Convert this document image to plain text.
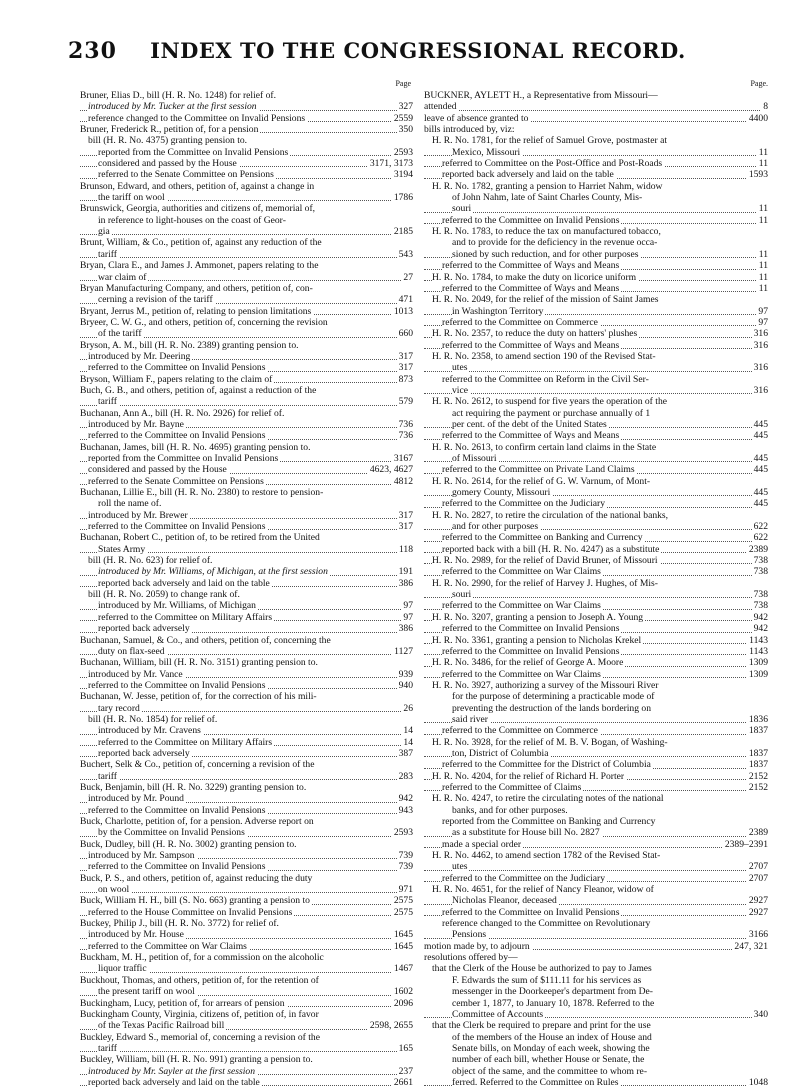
INDEX TO THE CONGRESSIONAL RECORD.
230
Page
Bruner, Elias D., bill (H. R. No. 1248) for relief of.
introduced by Mr. Tucker at the first session	327
reference changed to the Committee on Invalid Pensions	2559
Bruner, Frederick R., petition of, for a pension	350
bill (H. R. No. 4375) granting pension to.
reported from the Committee on Invalid Pensions	2593
considered and passed by the House	3171, 3173
referred to the Senate Committee on Pensions	3194
Brunson, Edward, and others, petition of, against a change in
the tariff on wool	1786
Brunswick, Georgia, authorities and citizens of, memorial of,
in reference to light-houses on the coast of Geor-
gia	2185
Brunt, William, & Co., petition of, against any reduction of the
tariff	543
Bryan, Clara E., and James J. Ammonet, papers relating to the
war claim of	27
Bryan Manufacturing Company, and others, petition of, con-
cerning a revision of the tariff	471
Bryant, Jerrus M., petition of, relating to pension limitations	1013
Bryeer, C. W. G., and others, petition of, concerning the revision
of the tariff	660
Bryson, A. M., bill (H. R. No. 2389) granting pension to.
introduced by Mr. Deering	317
referred to the Committee on Invalid Pensions	317
Bryson, William F., papers relating to the claim of	873
Buch, G. B., and others, petition of, against a reduction of the
tariff	579
Buchanan, Ann A., bill (H. R. No. 2926) for relief of.
introduced by Mr. Bayne	736
referred to the Committee on Invalid Pensions	736
Buchanan, James, bill (H. R. No. 4695) granting pension to.
reported from the Committee on Invalid Pensions	3167
considered and passed by the House	4623, 4627
referred to the Senate Committee on Pensions	4812
Buchanan, Lillie E., bill (H. R. No. 2380) to restore to pension-
roll the name of.
introduced by Mr. Brewer	317
referred to the Committee on Invalid Pensions	317
Buchanan, Robert C., petition of, to be retired from the United
States Army	118
bill (H. R. No. 623) for relief of.
introduced by Mr. Williams, of Michigan, at the first session	191
reported back adversely and laid on the table	386
bill (H. R. No. 2059) to change rank of.
introduced by Mr. Williams, of Michigan	97
referred to the Committee on Military Affairs	97
reported back adversely	386
Buchanan, Samuel, & Co., and others, petition of, concerning the
duty on flax-seed	1127
Buchanan, William, bill (H. R. No. 3151) granting pension to.
introduced by Mr. Vance	939
referred to the Committee on Invalid Pensions	940
Buchanan, W. Jesse, petition of, for the correction of his mili-
tary record	26
bill (H. R. No. 1854) for relief of.
introduced by Mr. Cravens	14
referred to the Committee on Military Affairs	14
reported back adversely	387
Buchert, Selk & Co., petition of, concerning a revision of the
tariff	283
Buck, Benjamin, bill (H. R. No. 3229) granting pension to.
introduced by Mr. Pound	942
referred to the Committee on Invalid Pensions	943
Buck, Charlotte, petition of, for a pension. Adverse report on
by the Committee on Invalid Pensions	2593
Buck, Dudley, bill (H. R. No. 3002) granting pension to.
introduced by Mr. Sampson	739
referred to the Committee on Invalid Pensions	739
Buck, P. S., and others, petition of, against reducing the duty
on wool	971
Buck, William H. H., bill (S. No. 663) granting a pension to	2575
referred to the House Committee on Invalid Pensions	2575
Buckey, Philip J., bill (H. R. No. 3772) for relief of.
introduced by Mr. House	1645
referred to the Committee on War Claims	1645
Buckham, M. H., petition of, for a commission on the alcoholic
liquor traffic	1467
Buckhout, Thomas, and others, petition of, for the retention of
the present tariff on wool	1602
Buckingham, Lucy, petition of, for arrears of pension	2096
Buckingham County, Virginia, citizens of, petition of, in favor
of the Texas Pacific Railroad bill	2598, 2655
Buckley, Edward S., memorial of, concerning a revision of the
tariff	165
Buckley, William, bill (H. R. No. 991) granting a pension to.
introduced by Mr. Sayler at the first session	237
reported back adversely and laid on the table	2661
Page.
BUCKNER, AYLETT H., a Representative from Missouri—
attended	8
leave of absence granted to	4400
bills introduced by, viz:
H. R. No. 1781, for the relief of Samuel Grove, postmaster at
Mexico, Missouri	11
referred to Committee on the Post-Office and Post-Roads	11
reported back adversely and laid on the table	1593
H. R. No. 1782, granting a pension to Harriet Nahm, widow
of John Nahm, late of Saint Charles County, Mis-
souri	11
referred to the Committee on Invalid Pensions	11
H. R. No. 1783, to reduce the tax on manufactured tobacco,
and to provide for the deficiency in the revenue occa-
sioned by such reduction, and for other purposes	11
referred to the Committee of Ways and Means	11
H. R. No. 1784, to make the duty on licorice uniform	11
referred to the Committee of Ways and Means	11
H. R. No. 2049, for the relief of the mission of Saint James
in Washington Territory	97
referred to the Committee on Commerce	97
H. R. No. 2357, to reduce the duty on hatters' plushes	316
referred to the Committee of Ways and Means	316
H. R. No. 2358, to amend section 190 of the Revised Stat-
utes	316
referred to the Committee on Reform in the Civil Ser-
vice	316
H. R. No. 2612, to suspend for five years the operation of the
act requiring the payment or purchase annually of 1
per cent. of the debt of the United States	445
referred to the Committee of Ways and Means	445
H. R. No. 2613, to confirm certain land claims in the State
of Missouri	445
referred to the Committee on Private Land Claims	445
H. R. No. 2614, for the relief of G. W. Varnum, of Mont-
gomery County, Missouri	445
referred to the Committee on the Judiciary	445
H. R. No. 2827, to retire the circulation of the national banks,
and for other purposes	622
referred to the Committee on Banking and Currency	622
reported back with a bill (H. R. No. 4247) as a substitute	2389
H. R. No. 2989, for the relief of David Bruner, of Missouri	738
referred to the Committee on War Claims	738
H. R. No. 2990, for the relief of Harvey J. Hughes, of Mis-
souri	738
referred to the Committee on War Claims	738
H. R. No. 3207, granting a pension to Joseph A. Young	942
referred to the Committee on Invalid Pensions	942
H. R. No. 3361, granting a pension to Nicholas Krekel	1143
referred to the Committee on Invalid Pensions	1143
H. R. No. 3486, for the relief of George A. Moore	1309
referred to the Committee on War Claims	1309
H. R. No. 3927, authorizing a survey of the Missouri River
for the purpose of determining a practicable mode of
preventing the destruction of the lands bordering on
said river	1836
referred to the Committee on Commerce	1837
H. R. No. 3928, for the relief of M. B. V. Bogan, of Washing-
ton, District of Columbia	1837
referred to the Committee for the District of Columbia	1837
H. R. No. 4204, for the relief of Richard H. Porter	2152
referred to the Committee of Claims	2152
H. R. No. 4247, to retire the circulating notes of the national
banks, and for other purposes.
reported from the Committee on Banking and Currency
as a substitute for House bill No. 2827	2389
made a special order	2389–2391
H. R. No. 4462, to amend section 1782 of the Revised Stat-
utes	2707
referred to the Committee on the Judiciary	2707
H. R. No. 4651, for the relief of Nancy Fleanor, widow of
Nicholas Fleanor, deceased	2927
referred to the Committee on Invalid Pensions	2927
reference changed to the Committee on Revolutionary
Pensions	3166
motion made by, to adjourn	247, 321
resolutions offered by—
that the Clerk of the House be authorized to pay to James
F. Edwards the sum of $111.11 for his services as
messenger in the Doorkeeper's department from De-
cember 1, 1877, to January 10, 1878. Referred to the
Committee of Accounts	340
that the Clerk be required to prepare and print for the use
of the members of the House an index of House and
Senate bills, on Monday of each week, showing the
number of each bill, whether House or Senate, the
object of the same, and the committee to whom re-
ferred. Referred to the Committee on Rules	1048
